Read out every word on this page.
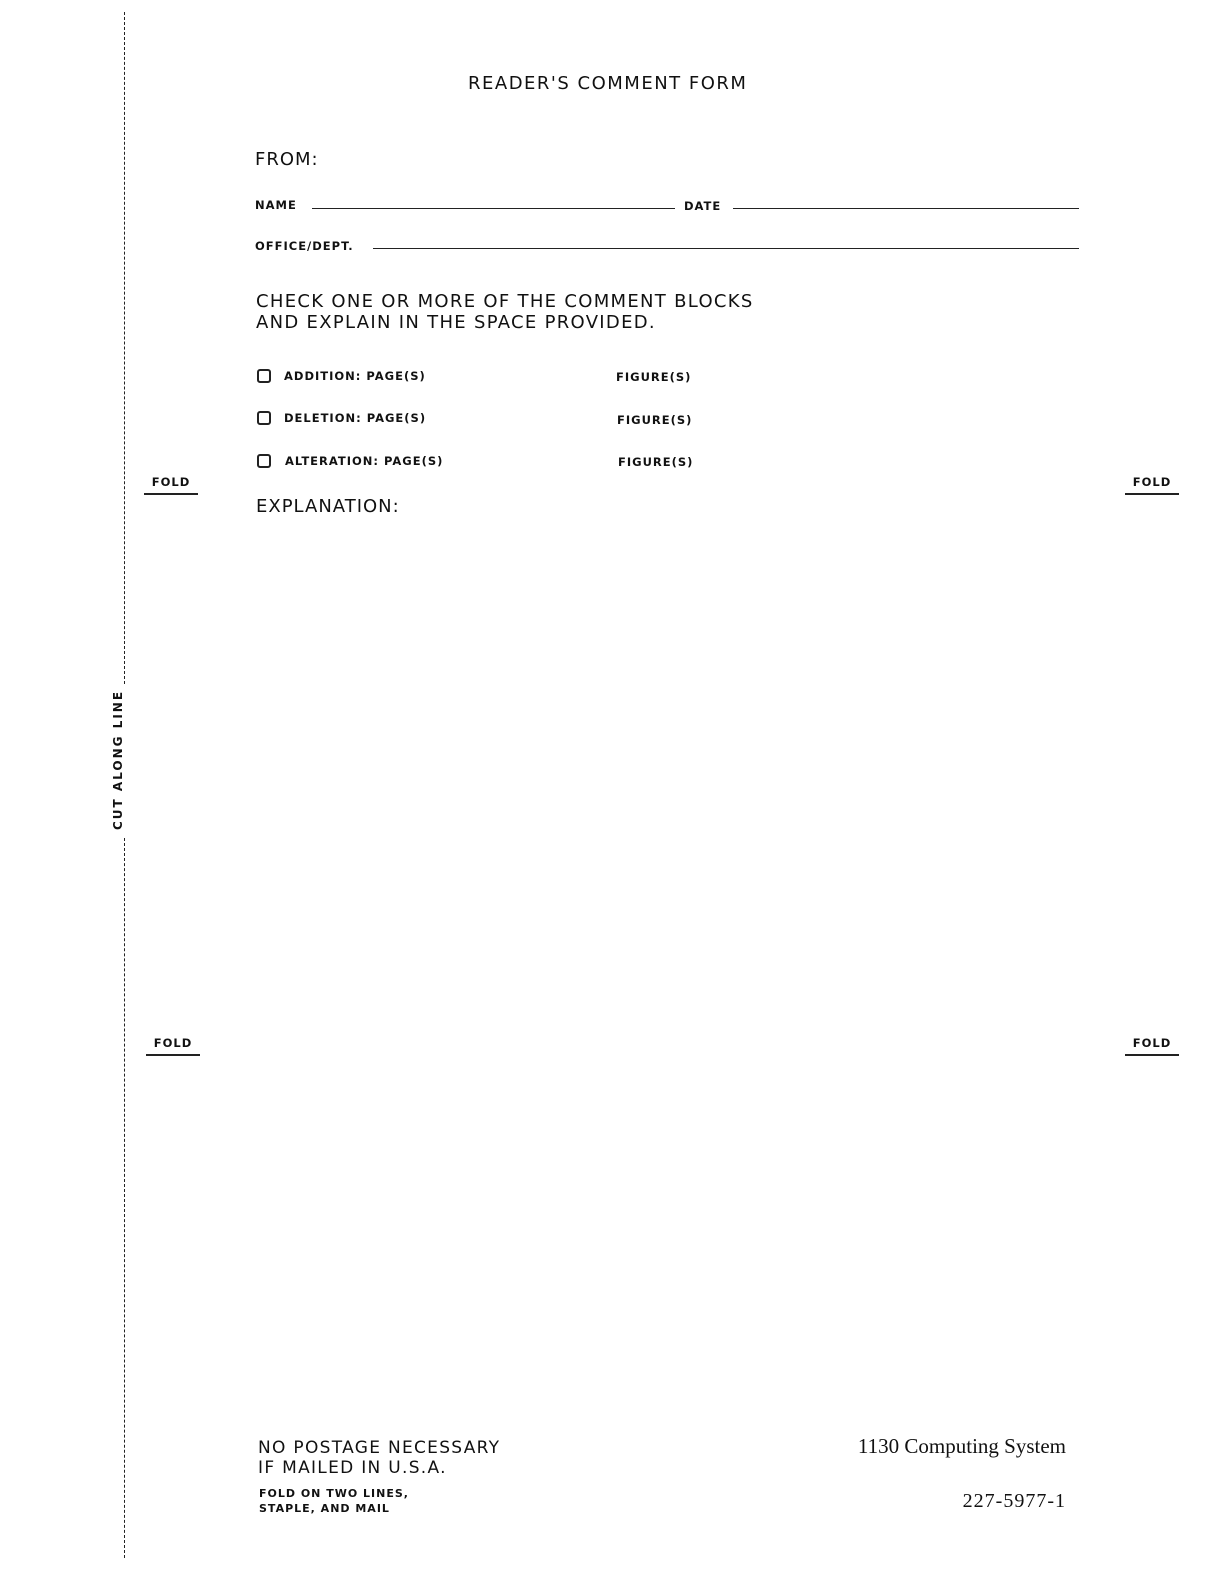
CUT ALONG LINE
FOLD	FOLD
FOLD	FOLD
READER'S COMMENT FORM
FROM:
NAME	DATE
OFFICE/DEPT.
CHECK ONE OR MORE OF THE COMMENT BLOCKS
AND EXPLAIN IN THE SPACE PROVIDED.
ADDITION: PAGE(S)	FIGURE(S)
DELETION: PAGE(S)	FIGURE(S)
ALTERATION: PAGE(S)	FIGURE(S)
EXPLANATION:
NO POSTAGE NECESSARY
IF MAILED IN U.S.A.
FOLD ON TWO LINES,
STAPLE, AND MAIL
1130 Computing System
227-5977-1
